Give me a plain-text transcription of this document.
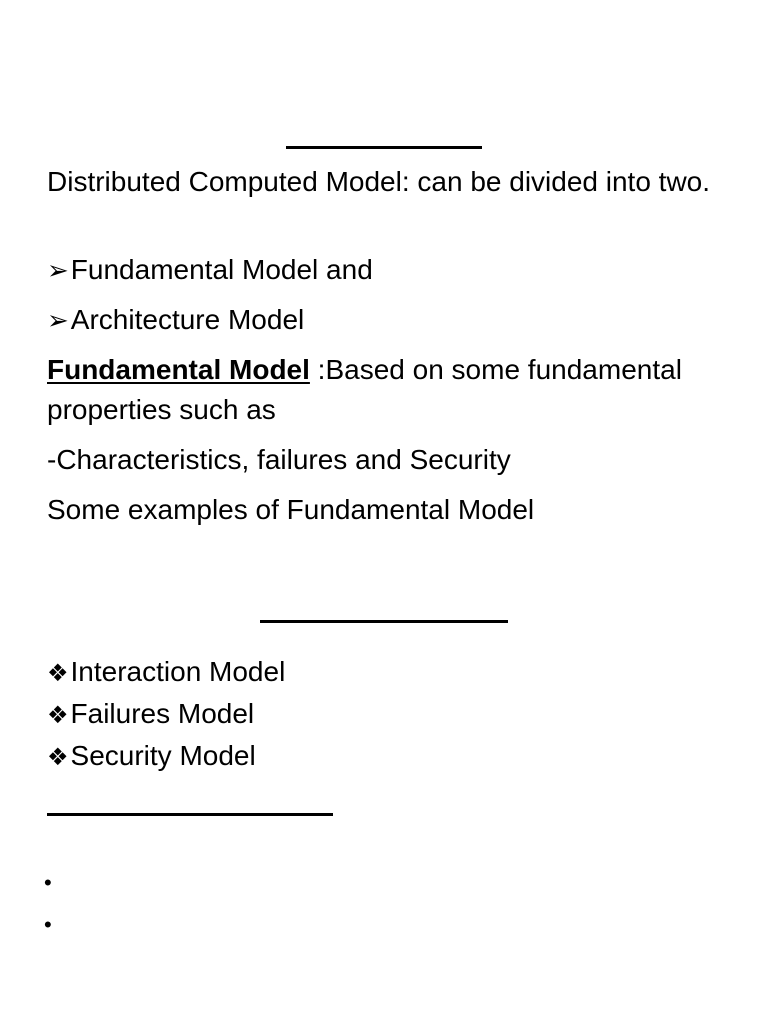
Distributed Computed Model: can be divided into two.
➢Fundamental Model and
➢Architecture Model
Fundamental Model :Based on some fundamental properties such as
-Characteristics, failures and Security
Some examples of Fundamental Model
❖Interaction Model
❖Failures Model
❖Security Model
•
•
